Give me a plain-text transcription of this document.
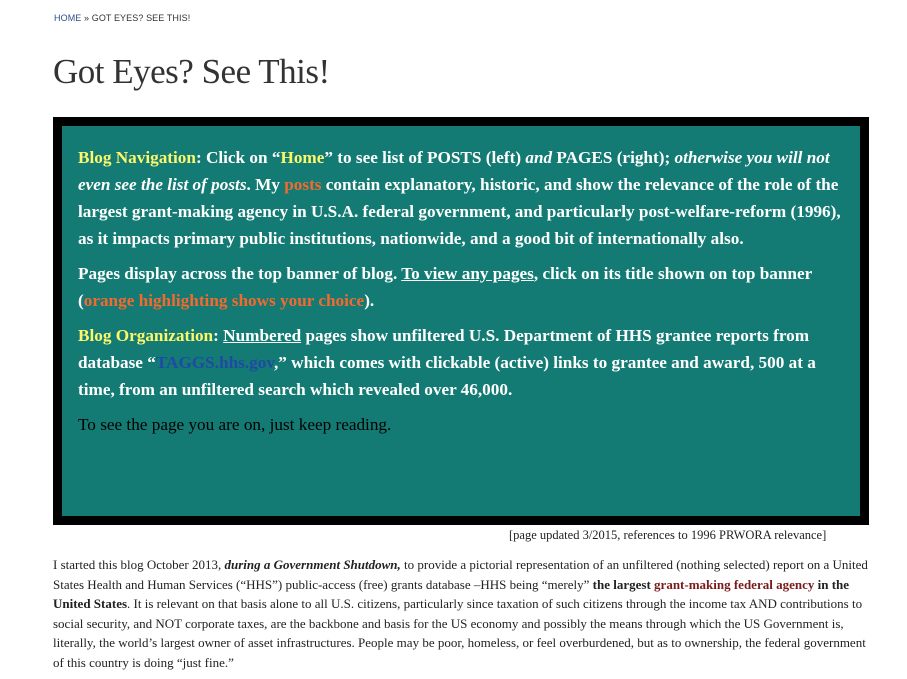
HOME » GOT EYES? SEE THIS!
Got Eyes? See This!

Blog Navigation: Click on “Home” to see list of POSTS (left) and PAGES (right); otherwise you will not even see the list of posts. My posts contain explanatory, historic, and show the relevance of the role of the largest grant-making agency in U.S.A. federal government, and particularly post-welfare-reform (1996), as it impacts primary public institutions, nationwide, and a good bit of internationally also.

Pages display across the top banner of blog. To view any pages, click on its title shown on top banner (orange highlighting shows your choice).

Blog Organization: Numbered pages show unfiltered U.S. Department of HHS grantee reports from database “TAGGS.hhs.gov,” which comes with clickable (active) links to grantee and award, 500 at a time, from an unfiltered search which revealed over 46,000.

To see the page you are on, just keep reading.

[page updated 3/2015, references to 1996 PRWORA relevance]

I started this blog October 2013, during a Government Shutdown, to provide a pictorial representation of an unfiltered (nothing selected) report on a United States Health and Human Services (“HHS”) public-access (free) grants database –HHS being “merely” the largest grant-making federal agency in the United States. It is relevant on that basis alone to all U.S. citizens, particularly since taxation of such citizens through the income tax AND contributions to social security, and NOT corporate taxes, are the backbone and basis for the US economy and possibly the means through which the US Government is, literally, the world’s largest owner of asset infrastructures. People may be poor, homeless, or feel overburdened, but as to ownership, the federal government of this country is doing “just fine.”
